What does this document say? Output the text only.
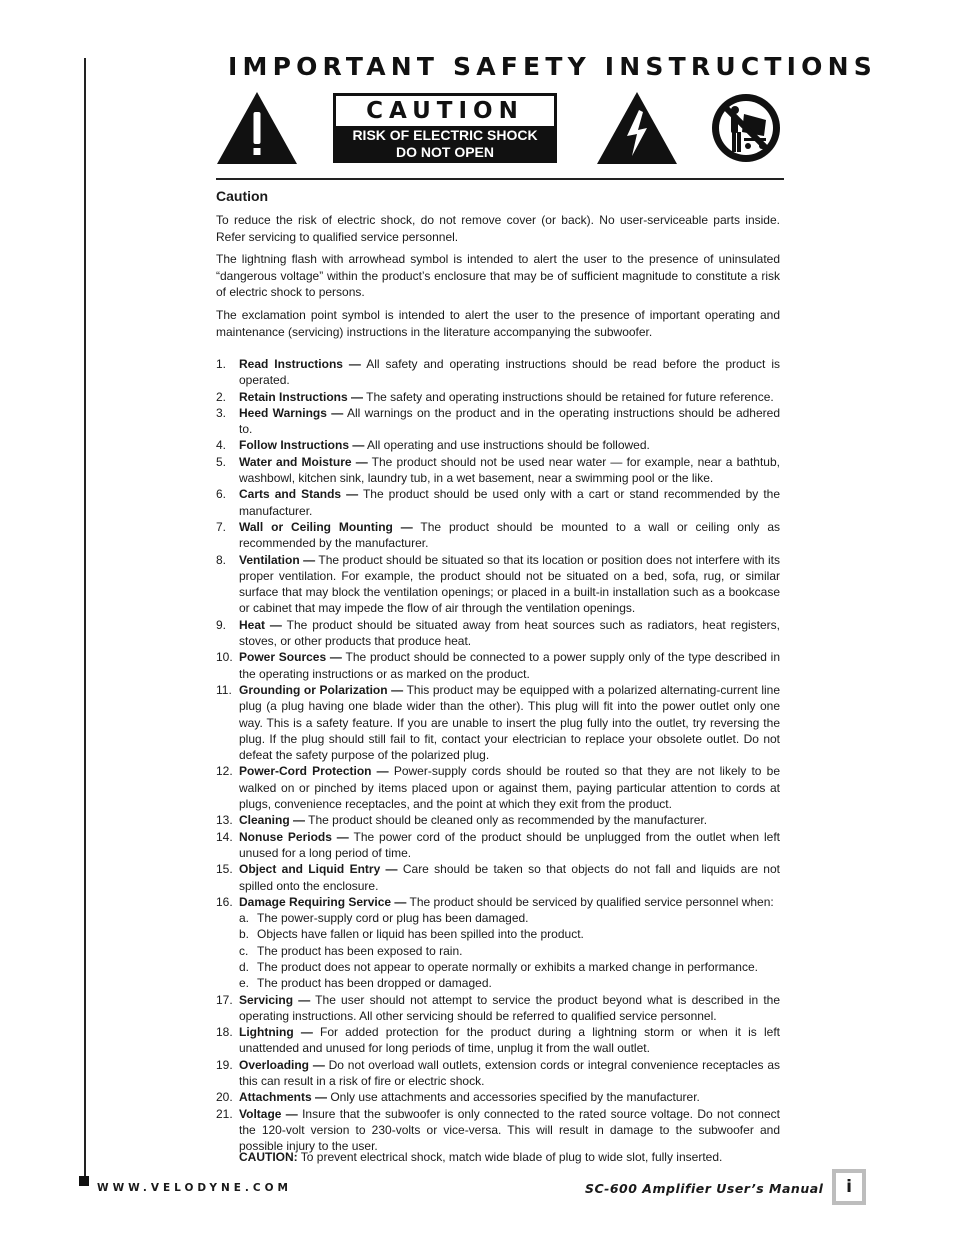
IMPORTANT SAFETY INSTRUCTIONS
CAUTION
RISK OF ELECTRIC SHOCK
DO NOT OPEN
Caution
To reduce the risk of electric shock, do not remove cover (or back). No user-serviceable parts inside. Refer servicing to qualified service personnel.
The lightning flash with arrowhead symbol is intended to alert the user to the presence of uninsulated “dangerous voltage” within the product’s enclosure that may be of sufficient magnitude to constitute a risk of electric shock to persons.
The exclamation point symbol is intended to alert the user to the presence of important operating and maintenance (servicing) instructions in the literature accompanying the subwoofer.
1. Read Instructions — All safety and operating instructions should be read before the product is operated.
2. Retain Instructions — The safety and operating instructions should be retained for future reference.
3. Heed Warnings — All warnings on the product and in the operating instructions should be adhered to.
4. Follow Instructions — All operating and use instructions should be followed.
5. Water and Moisture — The product should not be used near water — for example, near a bathtub, washbowl, kitchen sink, laundry tub, in a wet basement, near a swimming pool or the like.
6. Carts and Stands — The product should be used only with a cart or stand recommended by the manufacturer.
7. Wall or Ceiling Mounting — The product should be mounted to a wall or ceiling only as recommended by the manufacturer.
8. Ventilation — The product should be situated so that its location or position does not interfere with its proper ventilation. For example, the product should not be situated on a bed, sofa, rug, or similar surface that may block the ventilation openings; or placed in a built-in installation such as a bookcase or cabinet that may impede the flow of air through the ventilation openings.
9. Heat — The product should be situated away from heat sources such as radiators, heat registers, stoves, or other products that produce heat.
10. Power Sources — The product should be connected to a power supply only of the type described in the operating instructions or as marked on the product.
11. Grounding or Polarization — This product may be equipped with a polarized alternating-current line plug (a plug having one blade wider than the other). This plug will fit into the power outlet only one way. This is a safety feature. If you are unable to insert the plug fully into the outlet, try reversing the plug. If the plug should still fail to fit, contact your electrician to replace your obsolete outlet. Do not defeat the safety purpose of the polarized plug.
12. Power-Cord Protection — Power-supply cords should be routed so that they are not likely to be walked on or pinched by items placed upon or against them, paying particular attention to cords at plugs, convenience receptacles, and the point at which they exit from the product.
13. Cleaning — The product should be cleaned only as recommended by the manufacturer.
14. Nonuse Periods — The power cord of the product should be unplugged from the outlet when left unused for a long period of time.
15. Object and Liquid Entry — Care should be taken so that objects do not fall and liquids are not spilled onto the enclosure.
16. Damage Requiring Service — The product should be serviced by qualified service personnel when:
a. The power-supply cord or plug has been damaged.
b. Objects have fallen or liquid has been spilled into the product.
c. The product has been exposed to rain.
d. The product does not appear to operate normally or exhibits a marked change in performance.
e. The product has been dropped or damaged.
17. Servicing — The user should not attempt to service the product beyond what is described in the operating instructions. All other servicing should be referred to qualified service personnel.
18. Lightning — For added protection for the product during a lightning storm or when it is left unattended and unused for long periods of time, unplug it from the wall outlet.
19. Overloading — Do not overload wall outlets, extension cords or integral convenience receptacles as this can result in a risk of fire or electric shock.
20. Attachments — Only use attachments and accessories specified by the manufacturer.
21. Voltage — Insure that the subwoofer is only connected to the rated source voltage. Do not connect the 120-volt version to 230-volts or vice-versa. This will result in damage to the subwoofer and possible injury to the user.
CAUTION: To prevent electrical shock, match wide blade of plug to wide slot, fully inserted.
WWW.VELODYNE.COM	SC-600 Amplifier User’s Manual	i
